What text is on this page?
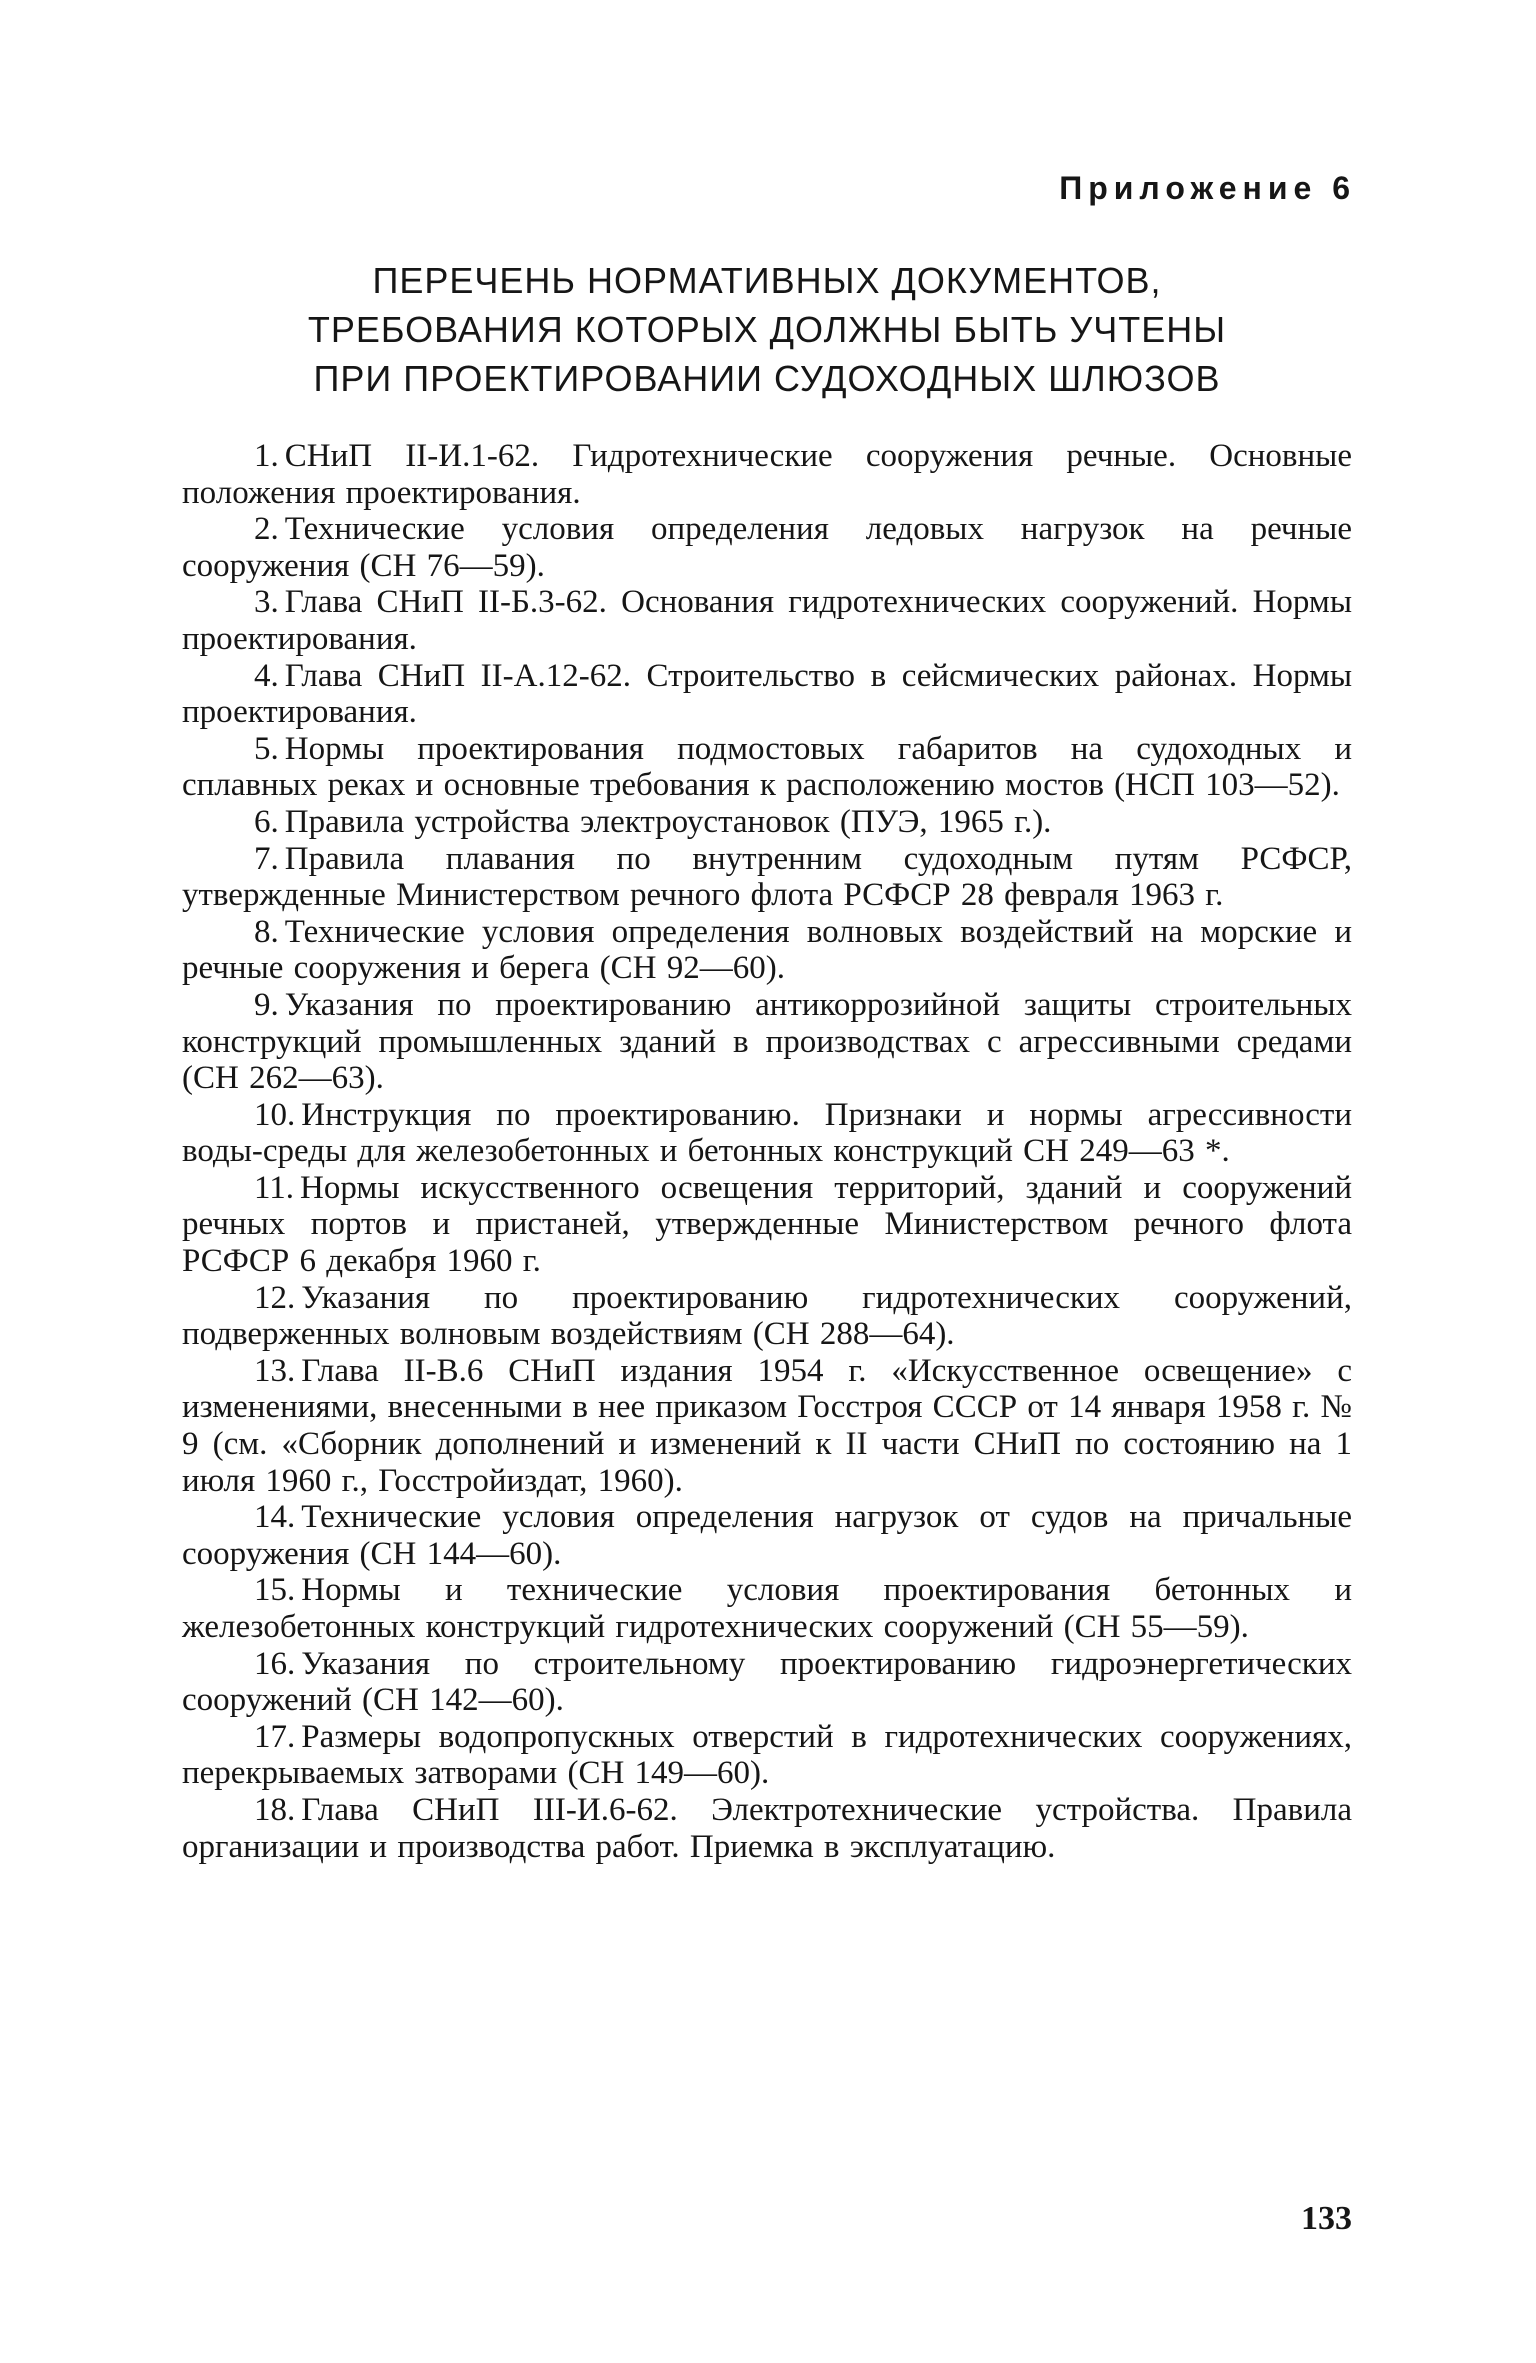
Приложение 6
ПЕРЕЧЕНЬ НОРМАТИВНЫХ ДОКУМЕНТОВ,
ТРЕБОВАНИЯ КОТОРЫХ ДОЛЖНЫ БЫТЬ УЧТЕНЫ
ПРИ ПРОЕКТИРОВАНИИ СУДОХОДНЫХ ШЛЮЗОВ

1. СНиП II-И.1-62. Гидротехнические сооружения речные. Основные положения проектирования.

2. Технические условия определения ледовых нагрузок на речные сооружения (СН 76—59).

3. Глава СНиП II-Б.3-62. Основания гидротехнических сооружений. Нормы проектирования.

4. Глава СНиП II-А.12-62. Строительство в сейсмических районах. Нормы проектирования.

5. Нормы проектирования подмостовых габаритов на судоходных и сплавных реках и основные требования к расположению мостов (НСП 103—52).

6. Правила устройства электроустановок (ПУЭ, 1965 г.).

7. Правила плавания по внутренним судоходным путям РСФСР, утвержденные Министерством речного флота РСФСР 28 февраля 1963 г.

8. Технические условия определения волновых воздействий на морские и речные сооружения и берега (СН 92—60).

9. Указания по проектированию антикоррозийной защиты строительных конструкций промышленных зданий в производствах с агрессивными средами (СН 262—63).

10. Инструкция по проектированию. Признаки и нормы агрессивности воды-среды для железобетонных и бетонных конструкций СН 249—63 *.

11. Нормы искусственного освещения территорий, зданий и сооружений речных портов и пристаней, утвержденные Министерством речного флота РСФСР 6 декабря 1960 г.

12. Указания по проектированию гидротехнических сооружений, подверженных волновым воздействиям (СН 288—64).

13. Глава II-В.6 СНиП издания 1954 г. «Искусственное освещение» с изменениями, внесенными в нее приказом Госстроя СССР от 14 января 1958 г. № 9 (см. «Сборник дополнений и изменений к II части СНиП по состоянию на 1 июля 1960 г., Госстройиздат, 1960).

14. Технические условия определения нагрузок от судов на причальные сооружения (СН 144—60).

15. Нормы и технические условия проектирования бетонных и железобетонных конструкций гидротехнических сооружений (СН 55—59).

16. Указания по строительному проектированию гидроэнергетических сооружений (СН 142—60).

17. Размеры водопропускных отверстий в гидротехнических сооружениях, перекрываемых затворами (СН 149—60).

18. Глава СНиП III-И.6-62. Электротехнические устройства. Правила организации и производства работ. Приемка в эксплуатацию.

133
